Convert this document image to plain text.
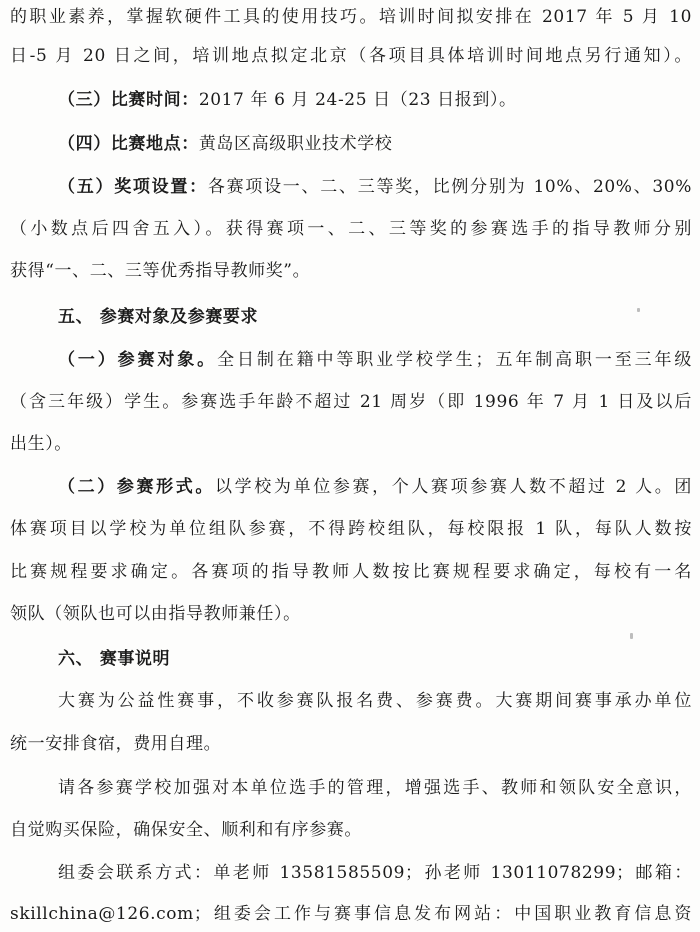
的职业素养，掌握软硬件工具的使用技巧。培训时间拟安排在 2017 年 5 月 10
日-5 月 20 日之间，培训地点拟定北京（各项目具体培训时间地点另行通知）。
（三）比赛时间：2017 年 6 月 24-25 日（23 日报到）。
（四）比赛地点：黄岛区高级职业技术学校
（五）奖项设置：各赛项设一、二、三等奖，比例分别为 10%、20%、30%
（小数点后四舍五入）。获得赛项一、二、三等奖的参赛选手的指导教师分别
获得“一、二、三等优秀指导教师奖”。
五、 参赛对象及参赛要求
（一）参赛对象。全日制在籍中等职业学校学生；五年制高职一至三年级
（含三年级）学生。参赛选手年龄不超过 21 周岁（即 1996 年 7 月 1 日及以后
出生）。
（二）参赛形式。以学校为单位参赛，个人赛项参赛人数不超过 2 人。团
体赛项目以学校为单位组队参赛，不得跨校组队，每校限报 1 队，每队人数按
比赛规程要求确定。各赛项的指导教师人数按比赛规程要求确定，每校有一名
领队（领队也可以由指导教师兼任）。
六、 赛事说明
大赛为公益性赛事，不收参赛队报名费、参赛费。大赛期间赛事承办单位
统一安排食宿，费用自理。
请各参赛学校加强对本单位选手的管理，增强选手、教师和领队安全意识，
自觉购买保险，确保安全、顺利和有序参赛。
组委会联系方式：单老师 13581585509；孙老师 13011078299；邮箱：
skillchina@126.com；组委会工作与赛事信息发布网站：中国职业教育信息资
